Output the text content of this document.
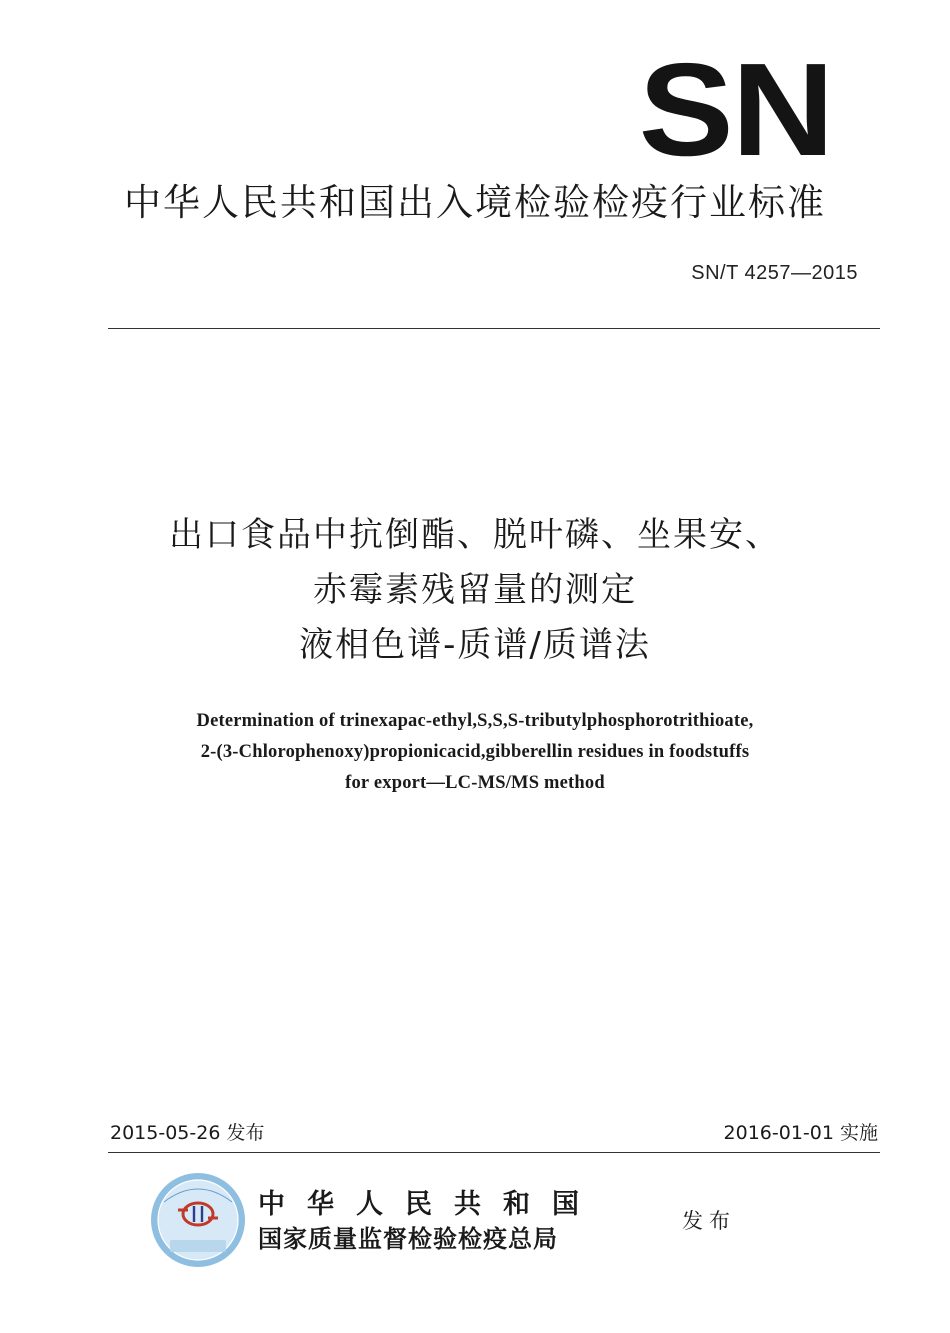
SN
中华人民共和国出入境检验检疫行业标准
SN/T 4257—2015
出口食品中抗倒酯、脱叶磷、坐果安、
赤霉素残留量的测定
液相色谱-质谱/质谱法
Determination of trinexapac-ethyl,S,S,S-tributylphosphorotrithioate,
2-(3-Chlorophenoxy)propionicacid,gibberellin residues in foodstuffs
for export—LC-MS/MS method
2015-05-26 发布	2016-01-01 实施
中华人民共和国
国家质量监督检验检疫总局
发布
